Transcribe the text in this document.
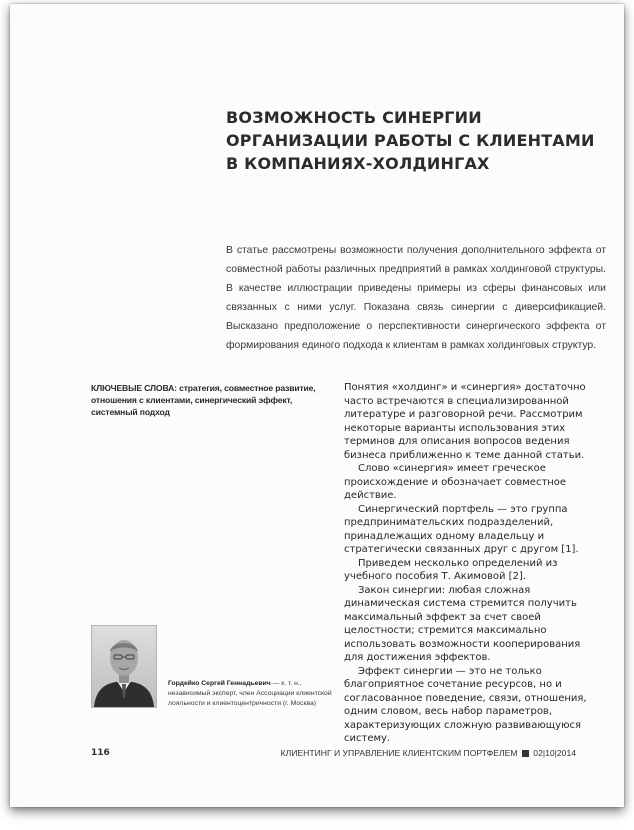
ВОЗМОЖНОСТЬ СИНЕРГИИ
ОРГАНИЗАЦИИ РАБОТЫ С КЛИЕНТАМИ
В КОМПАНИЯХ-ХОЛДИНГАХ

В статье рассмотрены возможности получения дополнительного эффекта от совместной работы различных предприятий в рамках холдинговой структуры. В качестве иллюстрации приведены примеры из сферы финансовых или связанных с ними услуг. Показана связь синергии с диверсификацией. Высказано предположение о перспективности синергического эффекта от формирования единого подхода к клиентам в рамках холдинговых структур.

КЛЮЧЕВЫЕ СЛОВА: стратегия, совместное развитие, отношения с клиентами, синергический эффект, системный подход

Понятия «холдинг» и «синергия» достаточно часто встречаются в специализированной литературе и разговорной речи. Рассмотрим некоторые варианты использования этих терминов для описания вопросов ведения бизнеса приближенно к теме данной статьи.

Слово «синергия» имеет греческое происхождение и обозначает совместное действие.

Синергический портфель — это группа предпринимательских подразделений, принадлежащих одному владельцу и стратегически связанных друг с другом [1].

Приведем несколько определений из учебного пособия Т. Акимовой [2].

Закон синергии: любая сложная динамическая система стремится получить максимальный эффект за счет своей целостности; стремится максимально использовать возможности кооперирования для достижения эффектов.

Эффект синергии — это не только благоприятное сочетание ресурсов, но и согласованное поведение, связи, отношения, одним словом, весь набор параметров, характеризующих сложную развивающуюся систему.

Гордейко Сергей Геннадьевич — к. т. н., независимый эксперт, член Ассоциации клиентской лояльности и клиентоцентричности (г. Москва)

116	КЛИЕНТИНГ И УПРАВЛЕНИЕ КЛИЕНТСКИМ ПОРТФЕЛЕМ 02|10|2014
